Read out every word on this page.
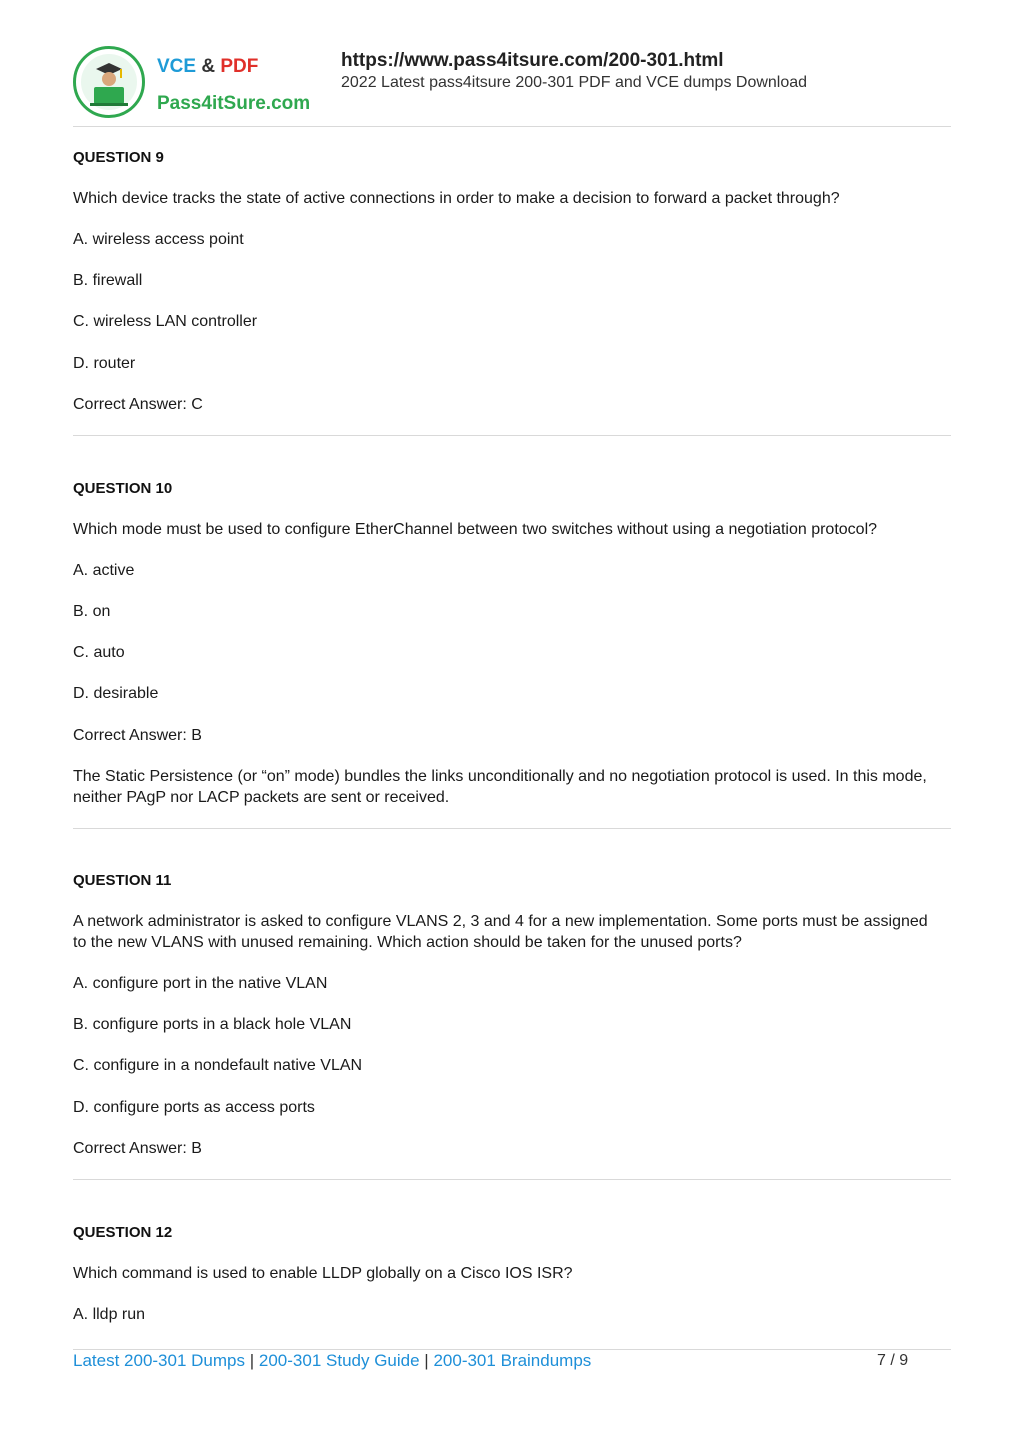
VCE & PDF
Pass4itSure.com
https://www.pass4itsure.com/200-301.html
2022 Latest pass4itsure 200-301 PDF and VCE dumps Download
QUESTION 9
Which device tracks the state of active connections in order to make a decision to forward a packet through?
A. wireless access point
B. firewall
C. wireless LAN controller
D. router
Correct Answer: C
QUESTION 10
Which mode must be used to configure EtherChannel between two switches without using a negotiation protocol?
A. active
B. on
C. auto
D. desirable
Correct Answer: B
The Static Persistence (or “on” mode) bundles the links unconditionally and no negotiation protocol is used. In this mode, neither PAgP nor LACP packets are sent or received.
QUESTION 11
A network administrator is asked to configure VLANS 2, 3 and 4 for a new implementation. Some ports must be assigned to the new VLANS with unused remaining. Which action should be taken for the unused ports?
A. configure port in the native VLAN
B. configure ports in a black hole VLAN
C. configure in a nondefault native VLAN
D. configure ports as access ports
Correct Answer: B
QUESTION 12
Which command is used to enable LLDP globally on a Cisco IOS ISR?
A. lldp run
Latest 200-301 Dumps | 200-301 Study Guide | 200-301 Braindumps	7 / 9
